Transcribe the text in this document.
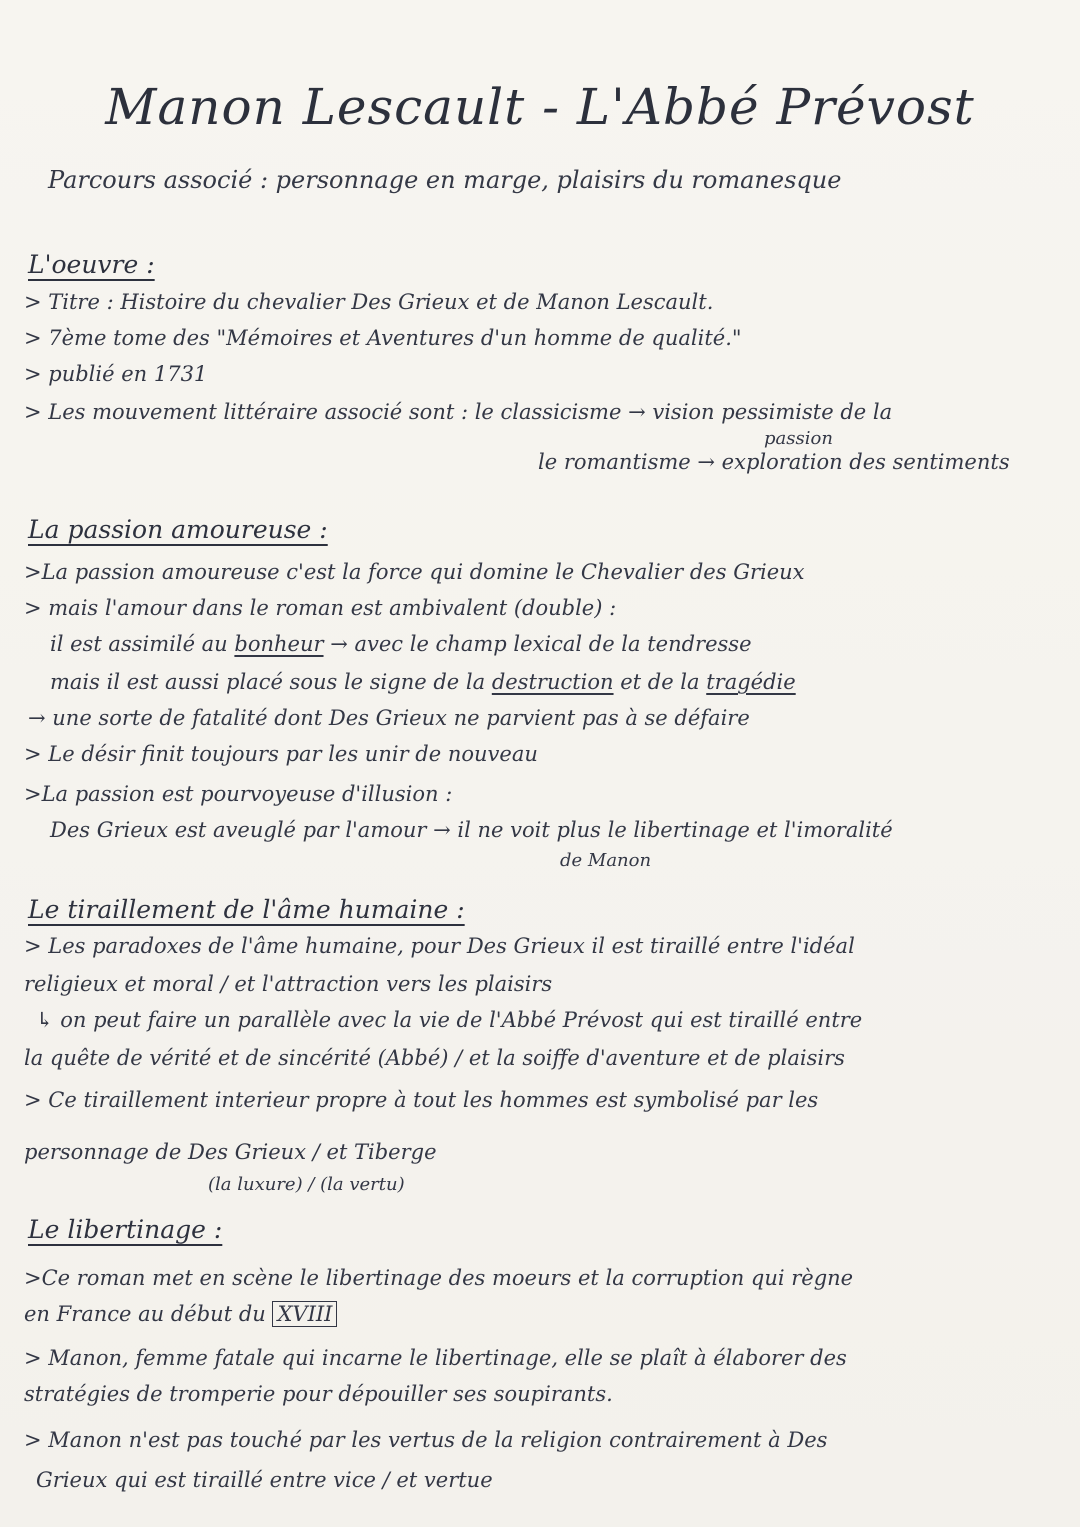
Manon Lescault - L'Abbé Prévost
Parcours associé : personnage en marge, plaisirs du romanesque
L'oeuvre :
> Titre : Histoire du chevalier Des Grieux et de Manon Lescault.
> 7ème tome des "Mémoires et Aventures d'un homme de qualité."
> publié en 1731
> Les mouvement littéraire associé sont : le classicisme → vision pessimiste de la
passion
le romantisme → exploration des sentiments
La passion amoureuse :
>La passion amoureuse c'est la force qui domine le Chevalier des Grieux
> mais l'amour dans le roman est ambivalent (double) :
il est assimilé au bonheur → avec le champ lexical de la tendresse
mais il est aussi placé sous le signe de la destruction et de la tragédie
→ une sorte de fatalité dont Des Grieux ne parvient pas à se défaire
> Le désir finit toujours par les unir de nouveau
>La passion est pourvoyeuse d'illusion :
Des Grieux est aveuglé par l'amour → il ne voit plus le libertinage et l'imoralité
de Manon
Le tiraillement de l'âme humaine :
> Les paradoxes de l'âme humaine, pour Des Grieux il est tiraillé entre l'idéal
religieux et moral / et l'attraction vers les plaisirs
↳ on peut faire un parallèle avec la vie de l'Abbé Prévost qui est tiraillé entre
la quête de vérité et de sincérité (Abbé) / et la soiffe d'aventure et de plaisirs
> Ce tiraillement interieur propre à tout les hommes est symbolisé par les
personnage de Des Grieux / et Tiberge
(la luxure) / (la vertu)
Le libertinage :
>Ce roman met en scène le libertinage des moeurs et la corruption qui règne
en France au début du XVIII
> Manon, femme fatale qui incarne le libertinage, elle se plaît à élaborer des
stratégies de tromperie pour dépouiller ses soupirants.
> Manon n'est pas touché par les vertus de la religion contrairement à Des
Grieux qui est tiraillé entre vice / et vertue
